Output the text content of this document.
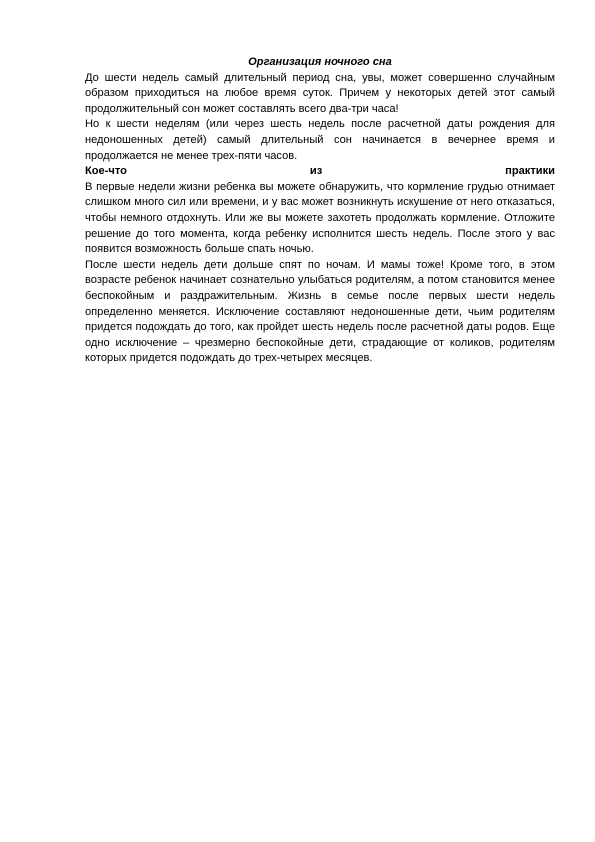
Организация ночного сна

До шести недель самый длительный период сна, увы, может совершенно случайным образом приходиться на любое время суток. Причем у некоторых детей этот самый продолжительный сон может составлять всего два-три часа!

Но к шести неделям (или через шесть недель после расчетной даты рождения для недоношенных детей) самый длительный сон начинается в вечернее время и продолжается не менее трех-пяти часов.

Кое-что из практики

В первые недели жизни ребенка вы можете обнаружить, что кормление грудью отнимает слишком много сил или времени, и у вас может возникнуть искушение от него отказаться, чтобы немного отдохнуть. Или же вы можете захотеть продолжать кормление. Отложите решение до того момента, когда ребенку исполнится шесть недель. После этого у вас появится возможность больше спать ночью.

После шести недель дети дольше спят по ночам. И мамы тоже! Кроме того, в этом возрасте ребенок начинает сознательно улыбаться родителям, а потом становится менее беспокойным и раздражительным. Жизнь в семье после первых шести недель определенно меняется. Исключение составляют недоношенные дети, чьим родителям придется подождать до того, как пройдет шесть недель после расчетной даты родов. Еще одно исключение – чрезмерно беспокойные дети, страдающие от коликов, родителям которых придется подождать до трех-четырех месяцев.
